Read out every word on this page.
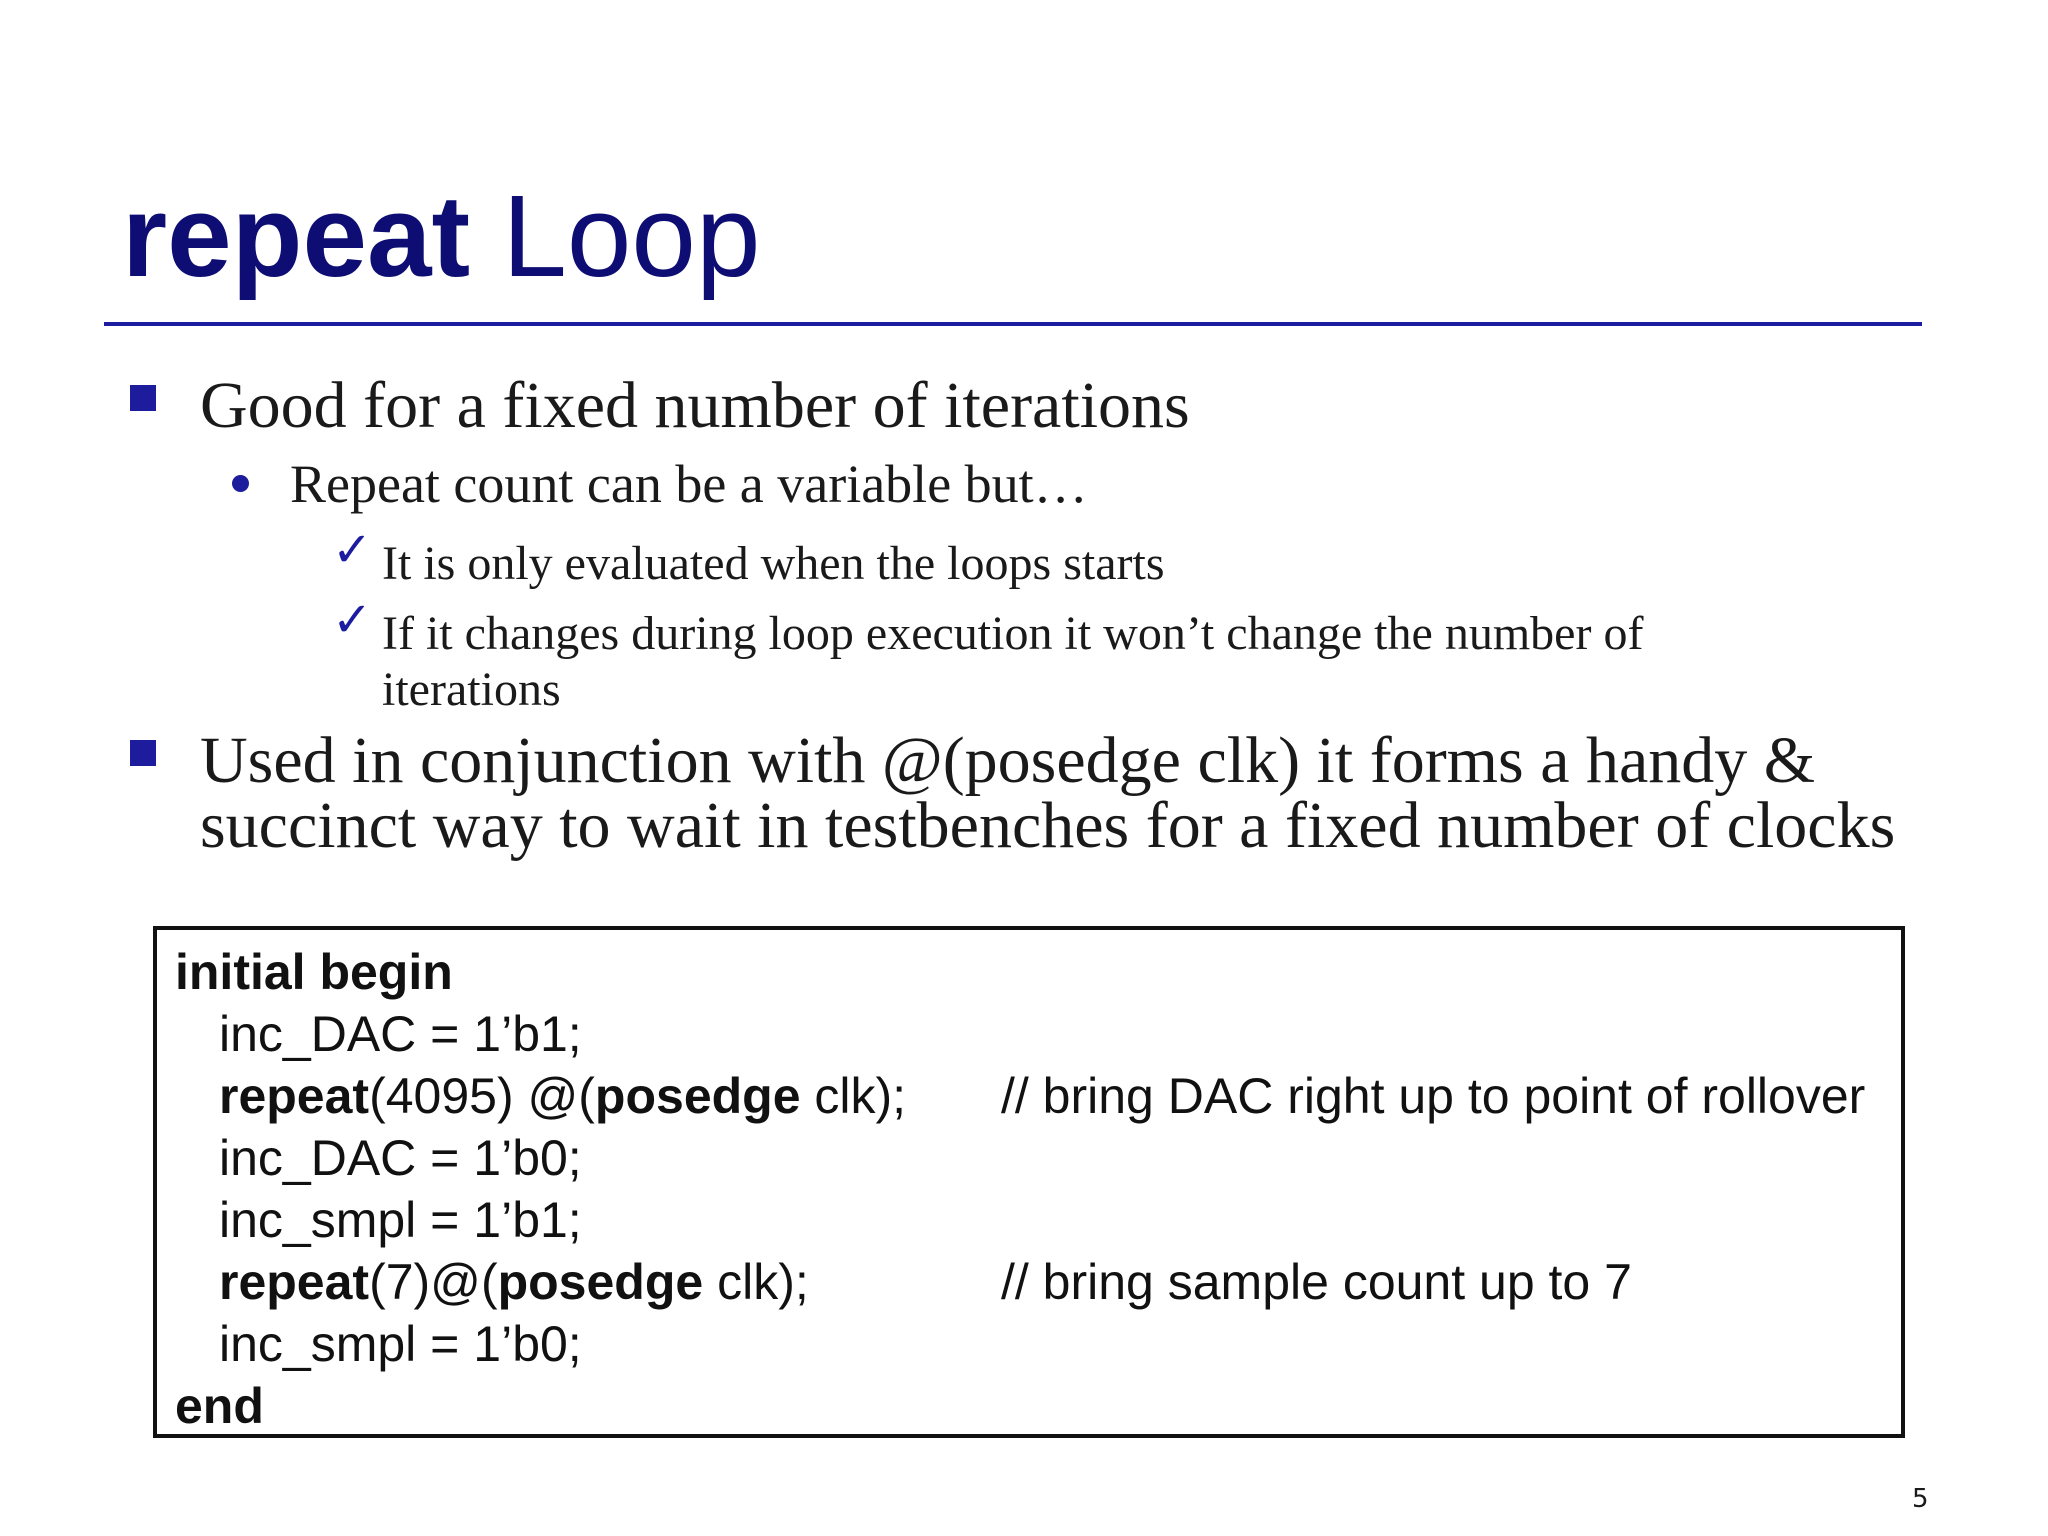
repeat Loop
Good for a fixed number of iterations
Repeat count can be a variable but…
✓ It is only evaluated when the loops starts
✓ If it changes during loop execution it won’t change the number of
iterations
Used in conjunction with @(posedge clk) it forms a handy &
succinct way to wait in testbenches for a fixed number of clocks
initial begin
inc_DAC = 1’b1;
repeat(4095) @(posedge clk); // bring DAC right up to point of rollover
inc_DAC = 1’b0;
inc_smpl = 1’b1;
repeat(7)@(posedge clk);	// bring sample count up to 7
inc_smpl = 1’b0;
end
5
